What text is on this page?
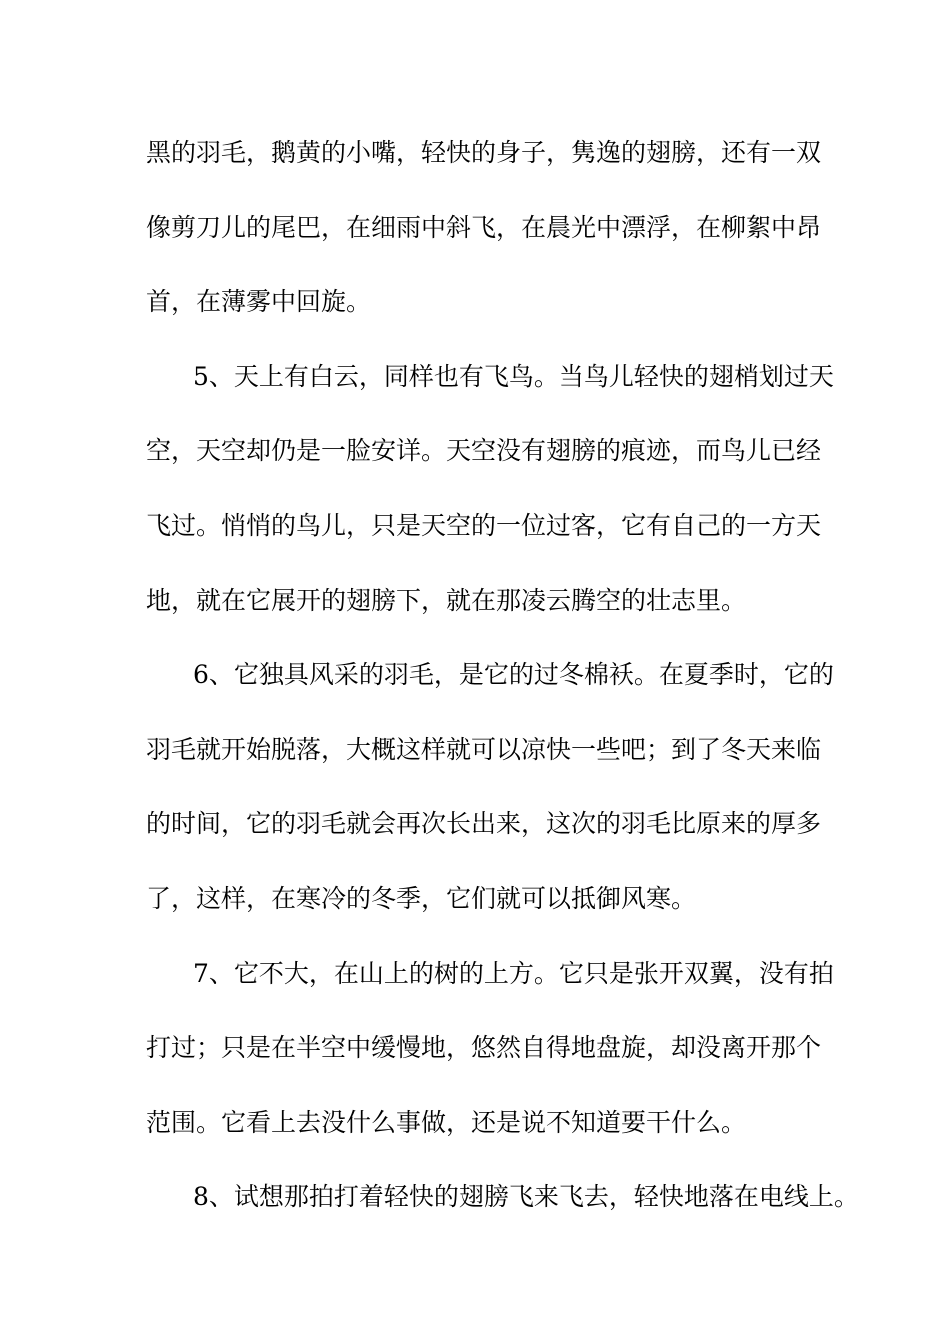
黑的羽毛，鹅黄的小嘴，轻快的身子，隽逸的翅膀，还有一双

像剪刀儿的尾巴，在细雨中斜飞，在晨光中漂浮，在柳絮中昂

首，在薄雾中回旋。

5、天上有白云，同样也有飞鸟。当鸟儿轻快的翅梢划过天

空，天空却仍是一脸安详。天空没有翅膀的痕迹，而鸟儿已经

飞过。悄悄的鸟儿，只是天空的一位过客，它有自己的一方天

地，就在它展开的翅膀下，就在那凌云腾空的壮志里。

6、它独具风采的羽毛，是它的过冬棉袄。在夏季时，它的

羽毛就开始脱落，大概这样就可以凉快一些吧；到了冬天来临

的时间，它的羽毛就会再次长出来，这次的羽毛比原来的厚多

了，这样，在寒冷的冬季，它们就可以抵御风寒。

7、它不大，在山上的树的上方。它只是张开双翼，没有拍

打过；只是在半空中缓慢地，悠然自得地盘旋，却没离开那个

范围。它看上去没什么事做，还是说不知道要干什么。

8、试想那拍打着轻快的翅膀飞来飞去，轻快地落在电线上。
